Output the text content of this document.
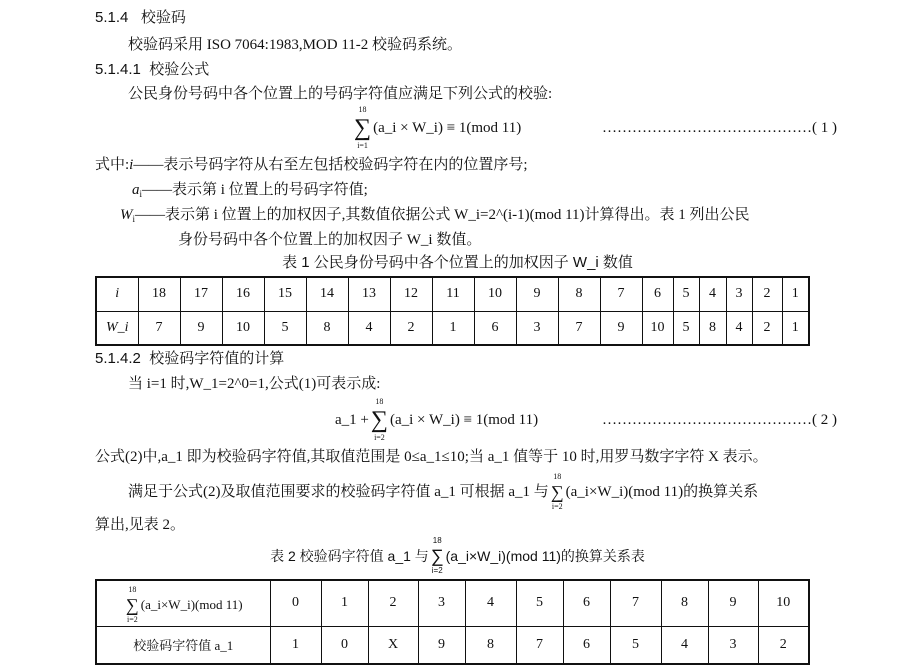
5.1.4 校验码
校验码采用 ISO 7064:1983,MOD 11-2 校验码系统。
5.1.4.1 校验公式
公民身份号码中各个位置上的号码字符值应满足下列公式的校验:
18
∑
i=1
(a_i × W_i) ≡ 1(mod 11)	……………………………………( 1 )
式中:i——表示号码字符从右至左包括校验码字符在内的位置序号;
$a_i——$表示第 i 位置上的号码字符值;
$W_i——$表示第 i 位置上的加权因子,其数值依据公式 W_i=2^(i-1)(mod 11)计算得出。表 1 列出公民
身份号码中各个位置上的加权因子 W_i 数值。
表 1 公民身份号码中各个位置上的加权因子 W_i 数值
i	18	17	16	15	14	13	12	11	10	9	8	7	6	5	4	3	2	1
W_i	7	9	10	5	8	4	2	1	6	3	7	9	10	5	8	4	2	1
5.1.4.2 校验码字符值的计算
当 i=1 时,W_1=2^0=1,公式(1)可表示成:
a_1 +
18
∑
i=2
(a_i × W_i) ≡ 1(mod 11)	……………………………………( 2 )
公式(2)中,a_1 即为校验码字符值,其取值范围是 0≤a_1≤10;当 a_1 值等于 10 时,用罗马数字字符 X 表示。
满足于公式(2)及取值范围要求的校验码字符值 a_1 可根据 a_1 与
18
∑
i=2
(a_i×W_i)(mod 11)的换算关系
算出,见表 2。
表 2 校验码字符值 a_1 与
18
∑
i=2
(a_i×W_i)(mod 11)的换算关系表
18
∑
i=2
(a_i×W_i)(mod 11)	0	1	2	3	4	5	6	7	8	9	10
校验码字符值 a_1	1	0	X	9	8	7	6	5	4	3	2
